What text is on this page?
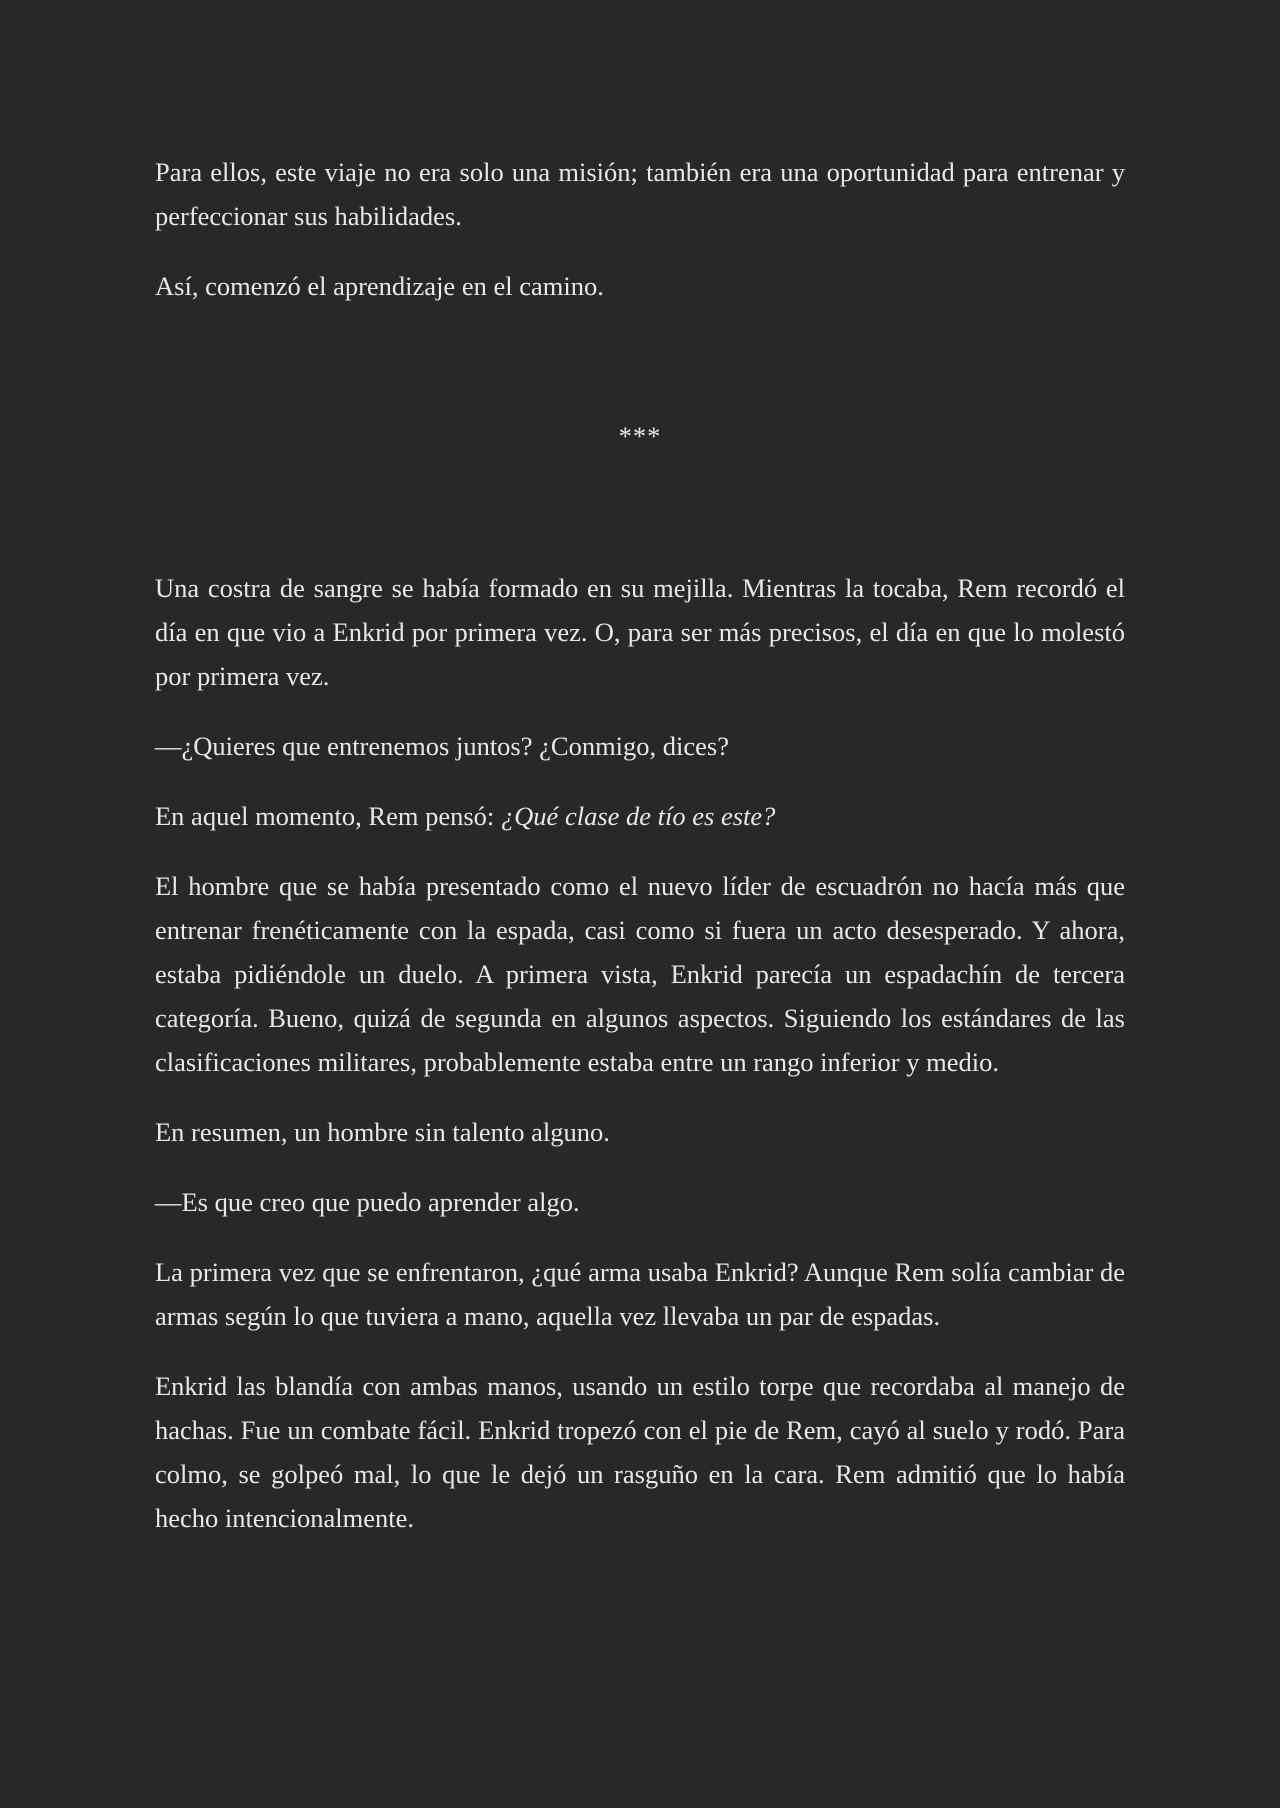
Para ellos, este viaje no era solo una misión; también era una oportunidad para entrenar y perfeccionar sus habilidades.

Así, comenzó el aprendizaje en el camino.

***

Una costra de sangre se había formado en su mejilla. Mientras la tocaba, Rem recordó el día en que vio a Enkrid por primera vez. O, para ser más precisos, el día en que lo molestó por primera vez.

—¿Quieres que entrenemos juntos? ¿Conmigo, dices?

En aquel momento, Rem pensó: ¿Qué clase de tío es este?

El hombre que se había presentado como el nuevo líder de escuadrón no hacía más que entrenar frenéticamente con la espada, casi como si fuera un acto desesperado. Y ahora, estaba pidiéndole un duelo. A primera vista, Enkrid parecía un espadachín de tercera categoría. Bueno, quizá de segunda en algunos aspectos. Siguiendo los estándares de las clasificaciones militares, probablemente estaba entre un rango inferior y medio.

En resumen, un hombre sin talento alguno.

—Es que creo que puedo aprender algo.

La primera vez que se enfrentaron, ¿qué arma usaba Enkrid? Aunque Rem solía cambiar de armas según lo que tuviera a mano, aquella vez llevaba un par de espadas.

Enkrid las blandía con ambas manos, usando un estilo torpe que recordaba al manejo de hachas. Fue un combate fácil. Enkrid tropezó con el pie de Rem, cayó al suelo y rodó. Para colmo, se golpeó mal, lo que le dejó un rasguño en la cara. Rem admitió que lo había hecho intencionalmente.
